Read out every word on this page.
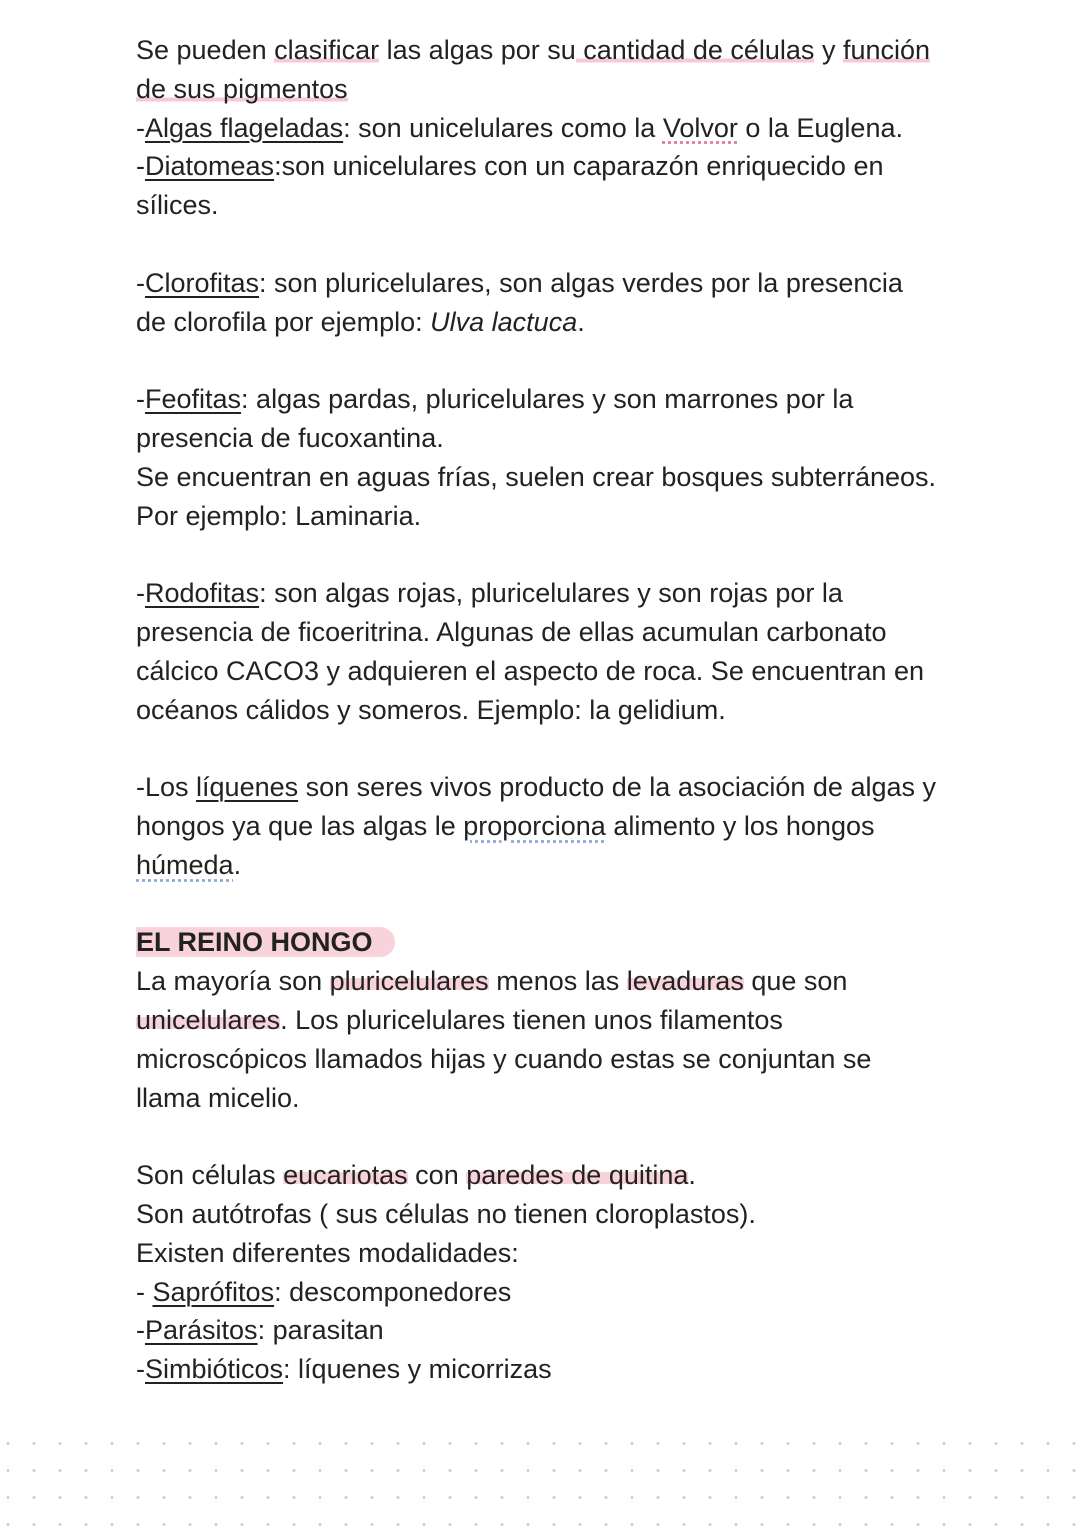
Se pueden clasificar las algas por su cantidad de células y función
de sus pigmentos
-Algas flageladas: son unicelulares como la Volvor o la Euglena.
-Diatomeas:son unicelulares con un caparazón enriquecido en
sílices.
-Clorofitas: son pluricelulares, son algas verdes por la presencia
de clorofila por ejemplo: Ulva lactuca.
-Feofitas: algas pardas, pluricelulares y son marrones por la
presencia de fucoxantina.
Se encuentran en aguas frías, suelen crear bosques subterráneos.
Por ejemplo: Laminaria.
-Rodofitas: son algas rojas, pluricelulares y son rojas por la
presencia de ficoeritrina. Algunas de ellas acumulan carbonato
cálcico CACO3 y adquieren el aspecto de roca. Se encuentran en
océanos cálidos y someros. Ejemplo: la gelidium.
-Los líquenes son seres vivos producto de la asociación de algas y
hongos ya que las algas le proporciona alimento y los hongos
húmeda.
EL REINO HONGO
La mayoría son pluricelulares menos las levaduras que son
unicelulares. Los pluricelulares tienen unos filamentos
microscópicos llamados hijas y cuando estas se conjuntan se
llama micelio.
Son células eucariotas con paredes de quitina.
Son autótrofas ( sus células no tienen cloroplastos).
Existen diferentes modalidades:
- Saprófitos: descomponedores
-Parásitos: parasitan
-Simbióticos: líquenes y micorrizas
